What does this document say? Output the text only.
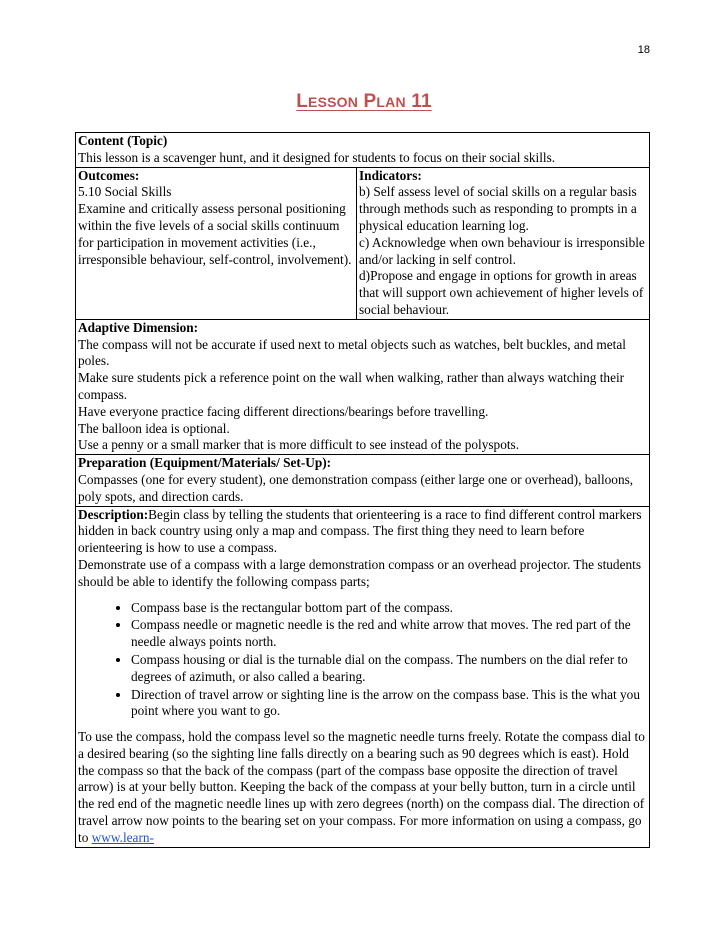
18
LESSON PLAN 11
Content (Topic)
This lesson is a scavenger hunt, and it designed for students to focus on their social skills.

Outcomes:
5.10 Social Skills
Examine and critically assess personal positioning within the five levels of a social skills continuum for participation in movement activities (i.e., irresponsible behaviour, self-control, involvement).

Indicators:
b) Self assess level of social skills on a regular basis through methods such as responding to prompts in a physical education learning log.
c) Acknowledge when own behaviour is irresponsible and/or lacking in self control.
d)Propose and engage in options for growth in areas that will support own achievement of higher levels of social behaviour.

Adaptive Dimension:
The compass will not be accurate if used next to metal objects such as watches, belt buckles, and metal poles.
Make sure students pick a reference point on the wall when walking, rather than always watching their compass.
Have everyone practice facing different directions/bearings before travelling.
The balloon idea is optional.
Use a penny or a small marker that is more difficult to see instead of the polyspots.

Preparation (Equipment/Materials/ Set-Up):
Compasses (one for every student), one demonstration compass (either large one or overhead), balloons, poly spots, and direction cards.

Description:Begin class by telling the students that orienteering is a race to find different control markers hidden in back country using only a map and compass. The first thing they need to learn before orienteering is how to use a compass.
Demonstrate use of a compass with a large demonstration compass or an overhead projector. The students should be able to identify the following compass parts;
• Compass base is the rectangular bottom part of the compass.
• Compass needle or magnetic needle is the red and white arrow that moves. The red part of the needle always points north.
• Compass housing or dial is the turnable dial on the compass. The numbers on the dial refer to degrees of azimuth, or also called a bearing.
• Direction of travel arrow or sighting line is the arrow on the compass base. This is the what you point where you want to go.
To use the compass, hold the compass level so the magnetic needle turns freely. Rotate the compass dial to a desired bearing (so the sighting line falls directly on a bearing such as 90 degrees which is east). Hold the compass so that the back of the compass (part of the compass base opposite the direction of travel arrow) is at your belly button. Keeping the back of the compass at your belly button, turn in a circle until the red end of the magnetic needle lines up with zero degrees (north) on the compass dial. The direction of travel arrow now points to the bearing set on your compass. For more information on using a compass, go to www.learn-
